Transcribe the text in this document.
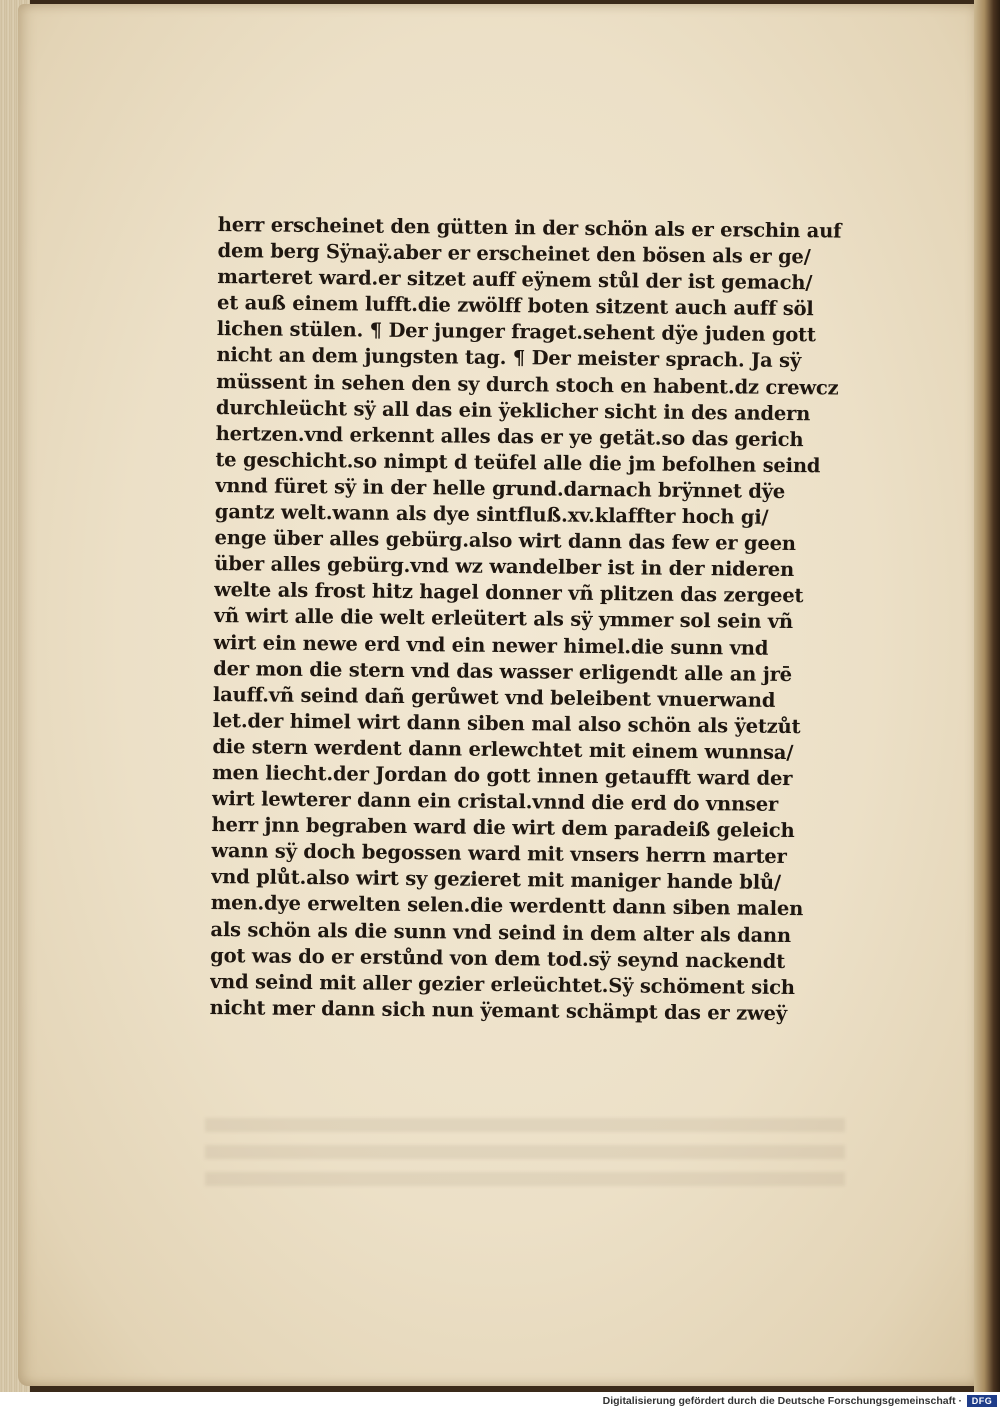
herr erscheinet den gütten in der schön als er erschin auf
dem berg Sÿnaÿ.aber er erscheinet den bösen als er ge/
marteret ward.er sitzet auff eÿnem stůl der ist gemach/
et auß einem lufft.die zwölff boten sitzent auch auff söl
lichen stülen. ¶ Der junger fraget.sehent dÿe juden gott
nicht an dem jungsten tag. ¶ Der meister sprach. Ja sÿ
müssent in sehen den sy durch stoch en habent.dz crewcz
durchleücht sÿ all das ein ÿeklicher sicht in des andern
hertzen.vnd erkennt alles das er ye getät.so das gerich
te geschicht.so nimpt d teüfel alle die jm befolhen seind
vnnd füret sÿ in der helle grund.darnach brÿnnet dÿe
gantz welt.wann als dye sintfluß.xv.klaffter hoch gi/
enge über alles gebürg.also wirt dann das few er geen
über alles gebürg.vnd wz wandelber ist in der nideren
welte als frost hitz hagel donner vñ plitzen das zergeet
vñ wirt alle die welt erleütert als sÿ ymmer sol sein vñ
wirt ein newe erd vnd ein newer himel.die sunn vnd
der mon die stern vnd das wasser erligendt alle an jrē
lauff.vñ seind dañ gerůwet vnd beleibent vnuerwand
let.der himel wirt dann siben mal also schön als ÿetzůt
die stern werdent dann erlewchtet mit einem wunnsa/
men liecht.der Jordan do gott innen getaufft ward der
wirt lewterer dann ein cristal.vnnd die erd do vnnser
herr jnn begraben ward die wirt dem paradeiß geleich
wann sÿ doch begossen ward mit vnsers herrn marter
vnd plůt.also wirt sy gezieret mit maniger hande blů/
men.dye erwelten selen.die werdentt dann siben malen
als schön als die sunn vnd seind in dem alter als dann
got was do er erstůnd von dem tod.sÿ seynd nackendt
vnd seind mit aller gezier erleüchtet.Sÿ schöment sich
nicht mer dann sich nun ÿemant schämpt das er zweÿ
Digitalisierung gefördert durch die Deutsche Forschungsgemeinschaft ·	DFG
